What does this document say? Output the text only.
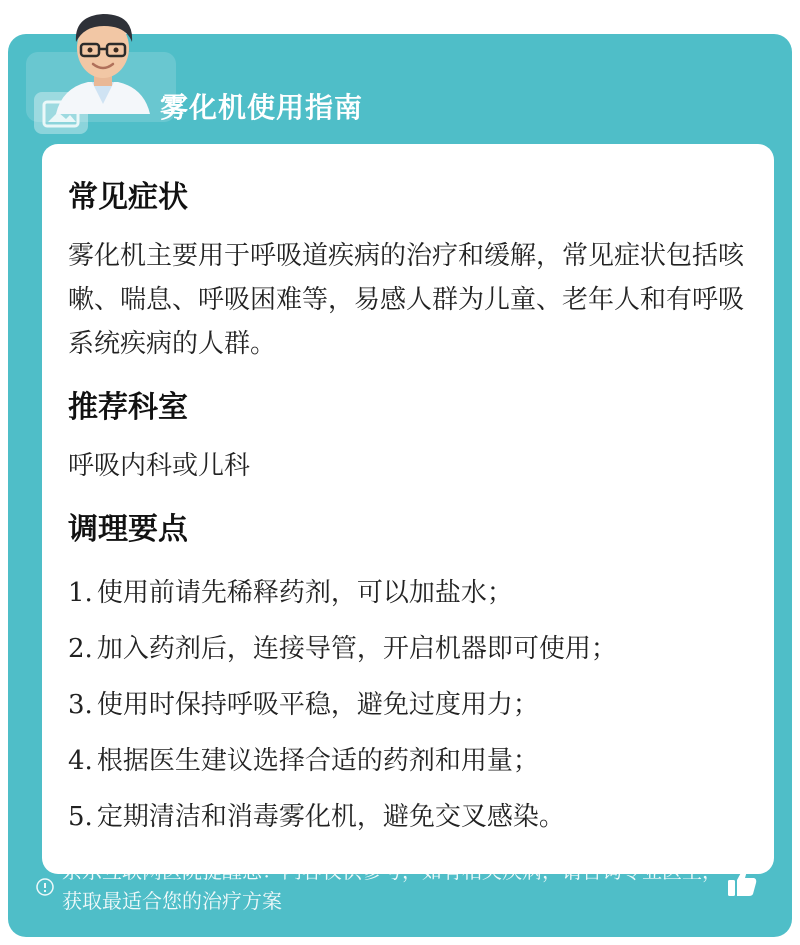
雾化机使用指南
常见症状
雾化机主要用于呼吸道疾病的治疗和缓解，常见症状包括咳嗽、喘息、呼吸困难等，易感人群为儿童、老年人和有呼吸系统疾病的人群。
推荐科室
呼吸内科或儿科
调理要点
1. 使用前请先稀释药剂，可以加盐水；
2. 加入药剂后，连接导管，开启机器即可使用；
3. 使用时保持呼吸平稳，避免过度用力；
4. 根据医生建议选择合适的药剂和用量；
5. 定期清洁和消毒雾化机，避免交叉感染。
京东互联网医院提醒您：内容仅供参考，如有相关疾病，请咨询专业医生，获取最适合您的治疗方案
